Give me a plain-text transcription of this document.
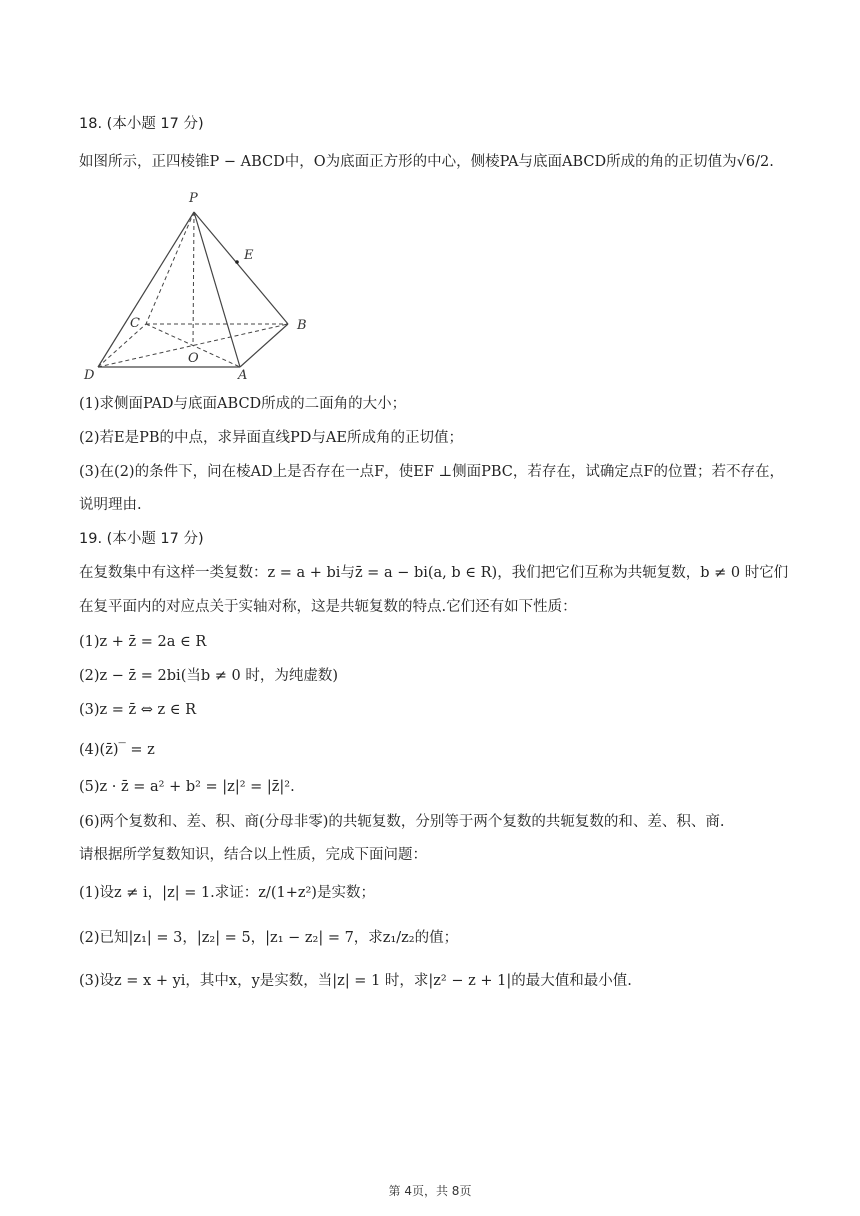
18. (本小题 17 分)
如图所示，正四棱锥P − ABCD中，O为底面正方形的中心，侧棱PA与底面ABCD所成的角的正切值为√6/2.
P
E
B
C
O
D	A
(1)求侧面PAD与底面ABCD所成的二面角的大小；
(2)若E是PB的中点，求异面直线PD与AE所成角的正切值；
(3)在(2)的条件下，问在棱AD上是否存在一点F，使EF ⊥侧面PBC，若存在，试确定点F的位置；若不存在，
说明理由.
19. (本小题 17 分)
在复数集中有这样一类复数：z = a + bi与z̄ = a − bi(a, b ∈ R)，我们把它们互称为共轭复数，b ≠ 0 时它们
在复平面内的对应点关于实轴对称，这是共轭复数的特点.它们还有如下性质：
(1)z + z̄ = 2a ∈ R
(2)z − z̄ = 2bi(当b ≠ 0 时，为纯虚数)
(3)z = z̄ ⇔ z ∈ R
(4)(z̄)‾ = z
(5)z · z̄ = a² + b² = |z|² = |z̄|².
(6)两个复数和、差、积、商(分母非零)的共轭复数，分别等于两个复数的共轭复数的和、差、积、商.
请根据所学复数知识，结合以上性质，完成下面问题：
(1)设z ≠ i，|z| = 1.求证：z/(1+z²)是实数；
(2)已知|z₁| = 3，|z₂| = 5，|z₁ − z₂| = 7，求z₁/z₂的值；
(3)设z = x + yi，其中x，y是实数，当|z| = 1 时，求|z² − z + 1|的最大值和最小值.
第 4页，共 8页
